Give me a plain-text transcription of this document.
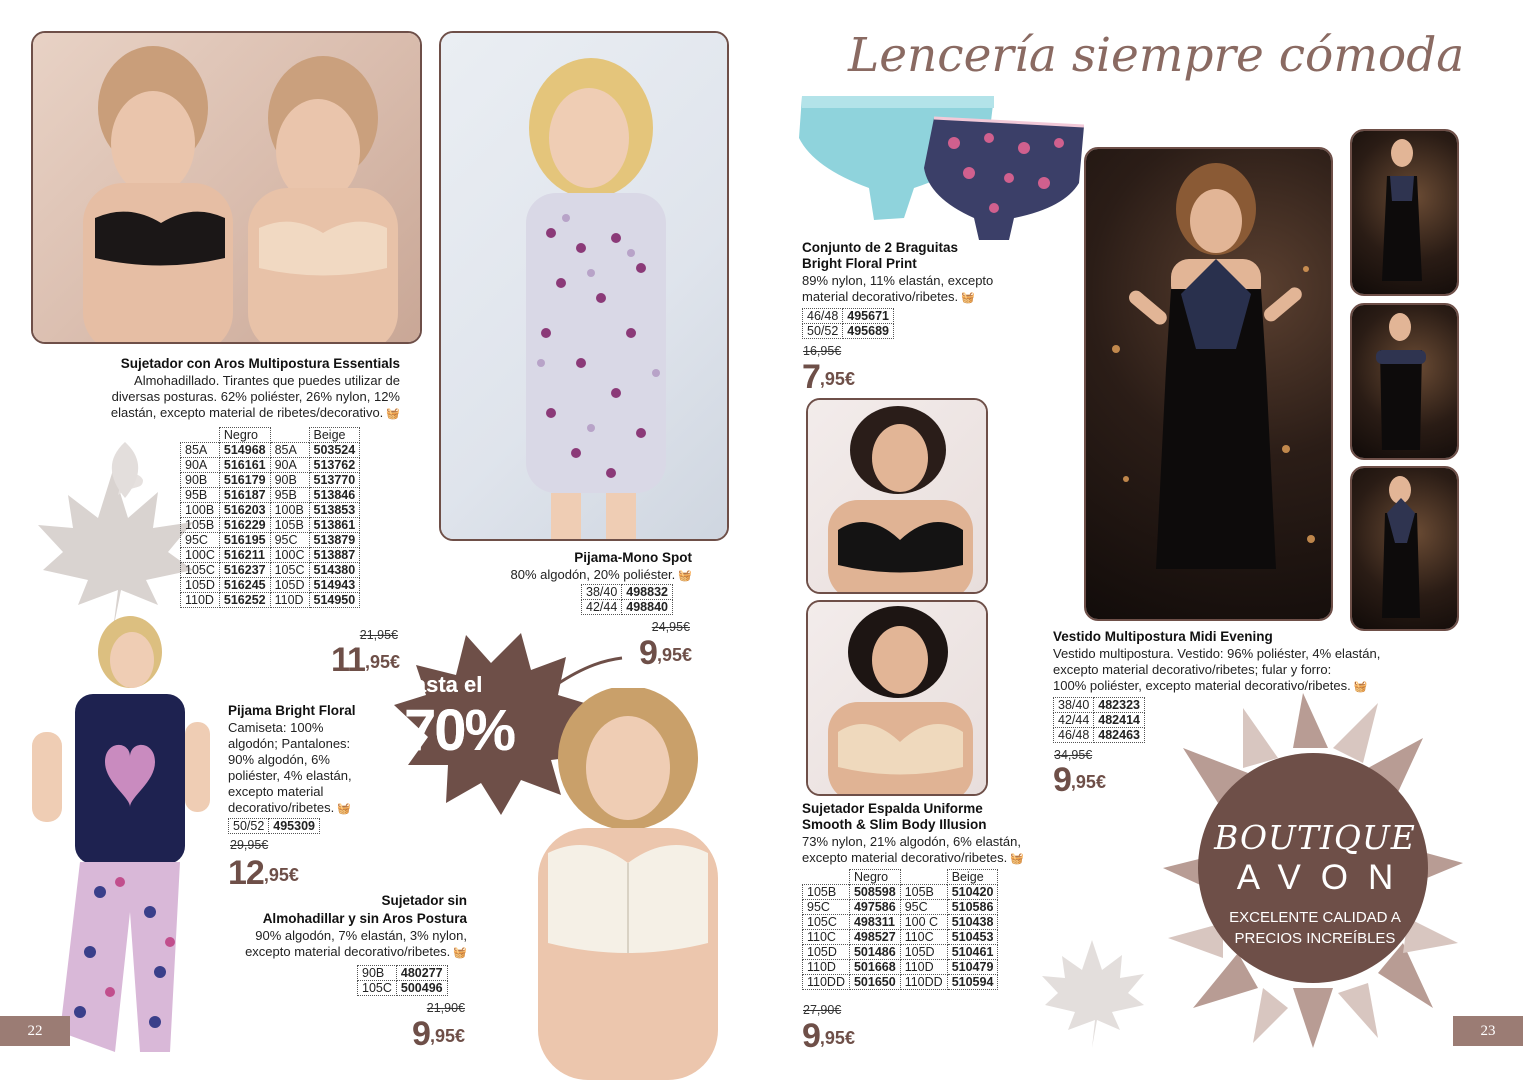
Sujetador con Aros Multipostura Essentials
Almohadillado. Tirantes que puedes utilizar de
diversas posturas. 62% poliéster, 26% nylon, 12%
elastán, excepto material de ribetes/decorativo. 🧺
	Negro		Beige
85A	514968	85A	503524
90A	516161	90A	513762
90B	516179	90B	513770
95B	516187	95B	513846
100B	516203	100B	513853
105B	516229	105B	513861
95C	516195	95C	513879
100C	516211	100C	513887
105C	516237	105C	514380
105D	516245	105D	514943
110D	516252	110D	514950
21,95€
$11^{,95€}$
Pijama-Mono Spot
80% algodón, 20% poliéster. 🧺
38/40	498832
42/44	498840
24,95€
$9^{,95€}$
Hasta el
70%
Pijama Bright Floral
Camiseta: 100%
algodón; Pantalones:
90% algodón, 6%
poliéster, 4% elastán,
excepto material
decorativo/ribetes. 🧺
50/52	495309
29,95€
$12^{,95€}$
Sujetador sin
Almohadillar y sin Aros Postura
90% algodón, 7% elastán, 3% nylon,
excepto material decorativo/ribetes. 🧺
90B	480277
105C	500496
21,90€
$9^{,95€}$
22
Lencería siempre cómoda
Conjunto de 2 Braguitas
Bright Floral Print
89% nylon, 11% elastán, excepto
material decorativo/ribetes. 🧺
46/48	495671
50/52	495689
16,95€
$7^{,95€}$
Sujetador Espalda Uniforme
Smooth & Slim Body Illusion
73% nylon, 21% algodón, 6% elastán,
excepto material decorativo/ribetes. 🧺
	Negro		Beige
105B	508598	105B	510420
95C	497586	95C	510586
105C	498311	100 C	510438
110C	498527	110C	510453
105D	501486	105D	510461
110D	501668	110D	510479
110DD	501650	110DD	510594
27,90€
$9^{,95€}$
Vestido Multipostura Midi Evening
Vestido multipostura. Vestido: 96% poliéster, 4% elastán,
excepto material decorativo/ribetes; fular y forro:
100% poliéster, excepto material decorativo/ribetes. 🧺
38/40	482323
42/44	482414
46/48	482463
34,95€
$9^{,95€}$
BOUTIQUE
AVON
EXCELENTE CALIDAD A
PRECIOS INCREÍBLES
23
